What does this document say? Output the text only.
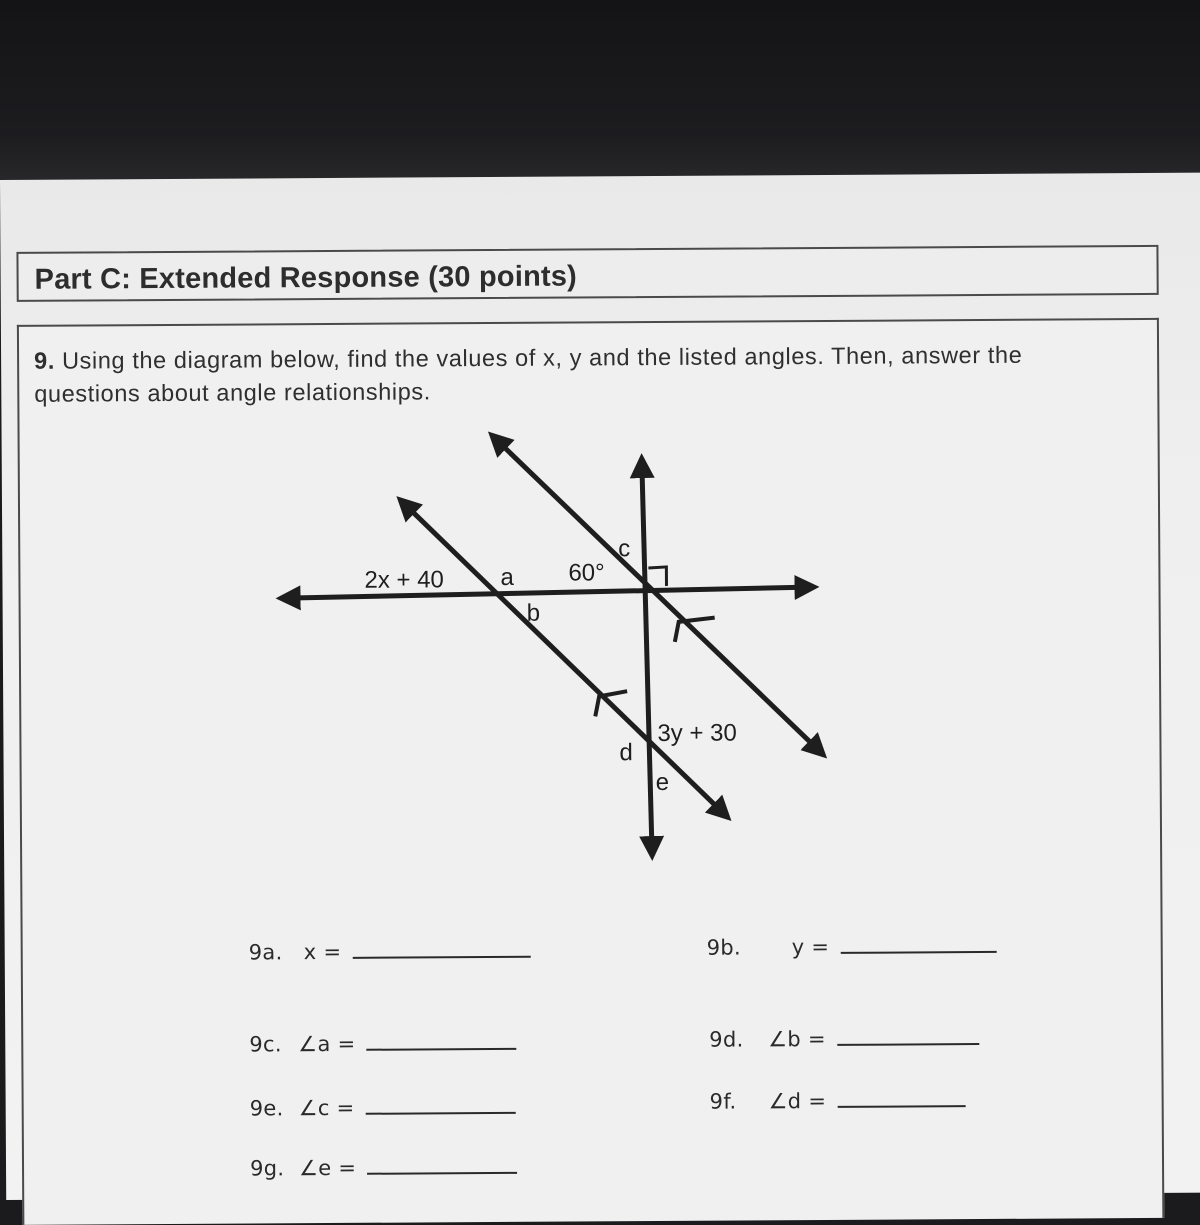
Part C: Extended Response (30 points)
9. Using the diagram below, find the values of x, y and the listed angles. Then, answer the questions about angle relationships.
2x + 40 a
b
60°
c
3y + 30
d
e
9a. x =	9b. y =
9c. ∠a =	9d. ∠b =
9e. ∠c =	9f. ∠d =
9g. ∠e =
